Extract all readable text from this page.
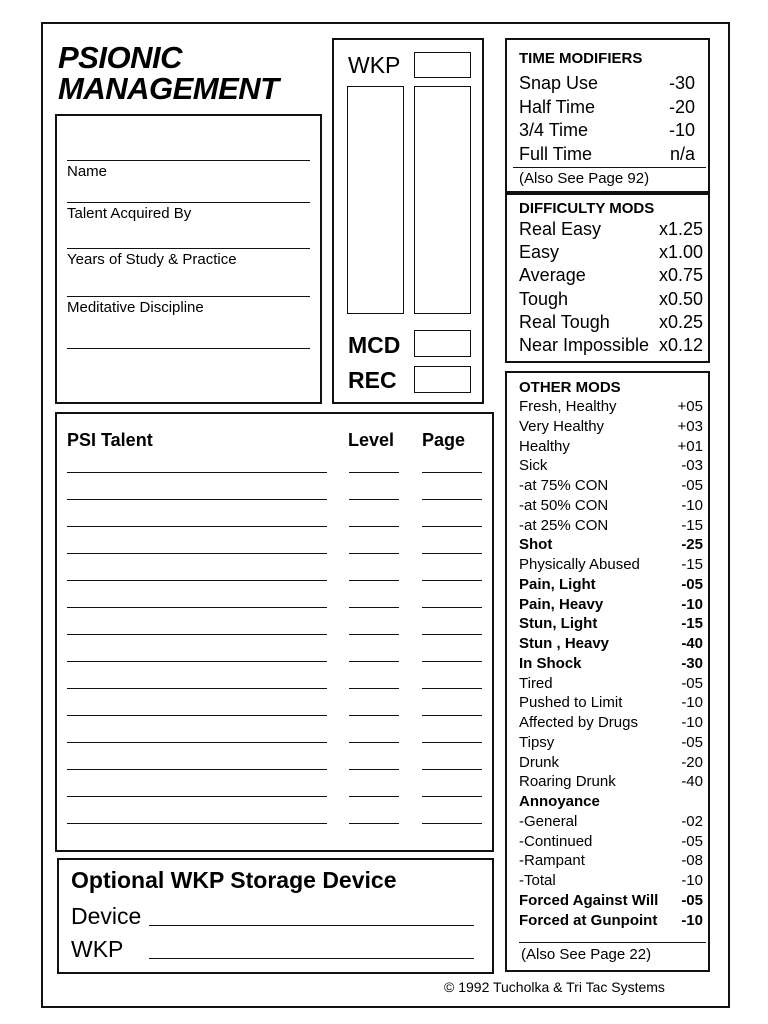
PSIONIC
MANAGEMENT
Name
Talent Acquired By
Years of Study & Practice
Meditative Discipline
WKP
MCD
REC
PSI Talent	Level Page
Optional WKP Storage Device
Device
WKP
TIME MODIFIERS
Snap Use	-30
Half Time	-20
3/4 Time	-10
Full Time	n/a
(Also See Page 92)
DIFFICULTY MODS
Real Easy	x1.25
Easy	x1.00
Average	x0.75
Tough	x0.50
Real Tough	x0.25
Near Impossible x0.12
OTHER MODS
Fresh, Healthy	+05
Very Healthy	+03
Healthy	+01
Sick	-03
-at 75% CON	-05
-at 50% CON	-10
-at 25% CON	-15
Shot	-25
Physically Abused	-15
Pain, Light	-05
Pain, Heavy	-10
Stun, Light	-15
Stun , Heavy	-40
In Shock	-30
Tired	-05
Pushed to Limit	-10
Affected by Drugs	-10
Tipsy	-05
Drunk	-20
Roaring Drunk	-40
Annoyance
-General	-02
-Continued	-05
-Rampant	-08
-Total	-10
Forced Against Will -05
Forced at Gunpoint -10
(Also See Page 22)
© 1992 Tucholka & Tri Tac Systems
